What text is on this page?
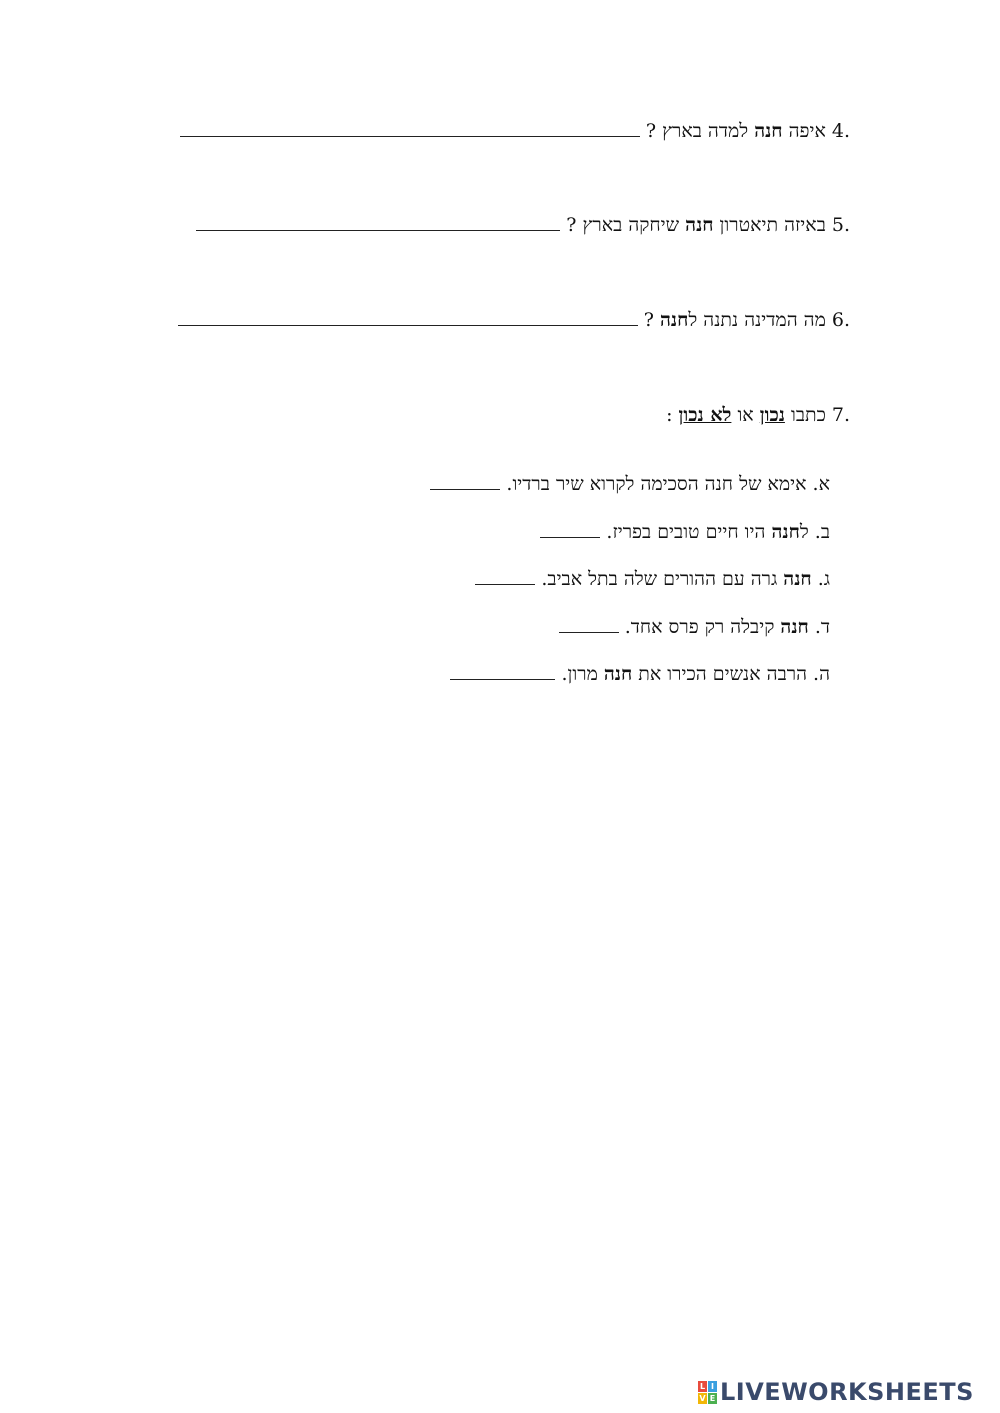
.4איפה חנה למדה בארץ ?
.5באיזה תיאטרון חנה שיחקה בארץ ?
.6מה המדינה נתנה לחנה ?
.7כתבו נכון או לא נכון :
א. אימא של חנה הסכימה לקרוא שיר ברדיו.
ב. לחנה היו חיים טובים בפריז.
ג. חנה גרה עם ההורים שלה בתל אביב.
ד. חנה קיבלה רק פרס אחד.
ה. הרבה אנשים הכירו את חנה מרון.
L I
V E LIVEWORKSHEETS
